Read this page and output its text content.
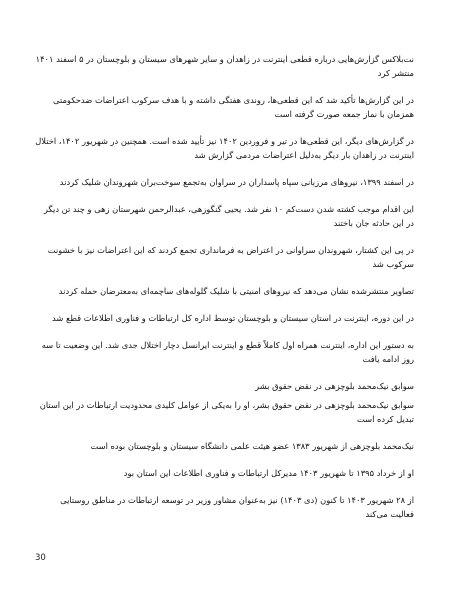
نت‌بلاکس گزارش‌هایی درباره قطعی اینترنت در زاهدان و سایر شهرهای سیستان و بلوچستان در ۵ اسفند ۱۴۰۱ منتشر کرد

در این گزارش‌ها تأکید شد که این قطعی‌ها، روندی هفتگی داشته و با هدف سرکوب اعتراضات ضدحکومتی همزمان با نماز جمعه صورت گرفته است

در گزارش‌های دیگر، این قطعی‌ها در تیر و فروردین ۱۴۰۲ نیز تأیید شده است. همچنین در شهریور ۱۴۰۲، اختلال اینترنت در زاهدان بار دیگر به‌دلیل اعتراضات مردمی گزارش شد

در اسفند ۱۳۹۹، نیروهای مرزبانی سپاه پاسداران در سراوان به‌تجمع سوخت‌بران شهروندان شلیک کردند

این اقدام موجب کشته شدن دست‌کم ۱۰ نفر شد. یحیی گنگوزهی، عبدالرحمن شهرستان زهی و چند تن دیگر در این حادثه جان باختند

در پی این کشتار، شهروندان سراوانی در اعتراض به فرمانداری تجمع کردند که این اعتراضات نیز با خشونت سرکوب شد

تصاویر منتشرشده نشان می‌دهد که نیروهای امنیتی با شلیک گلوله‌های ساچمه‌ای به‌معترضان حمله کردند

در این دوره، اینترنت در استان سیستان و بلوچستان توسط اداره کل ارتباطات و فناوری اطلاعات قطع شد

به دستور این اداره، اینترنت همراه اول کاملاً قطع و اینترنت ایرانسل دچار اختلال جدی شد. این وضعیت تا سه روز ادامه یافت

سوابق نیک‌محمد بلوچزهی در نقض حقوق بشر

سوابق نیک‌محمد بلوچزهی در نقض حقوق بشر، او را به‌یکی از عوامل کلیدی محدودیت ارتباطات در این استان تبدیل کرده است

نیک‌محمد بلوچزهی از شهریور ۱۳۸۳ عضو هیئت علمی دانشگاه سیستان و بلوچستان بوده است

او از خرداد ۱۳۹۵ تا شهریور ۱۴۰۳ مدیرکل ارتباطات و فناوری اطلاعات این استان بود

از ۲۸ شهریور ۱۴۰۳ تا کنون (دی ۱۴۰۳) نیز به‌عنوان مشاور وزیر در توسعه ارتباطات در مناطق روستایی فعالیت می‌کند

30
